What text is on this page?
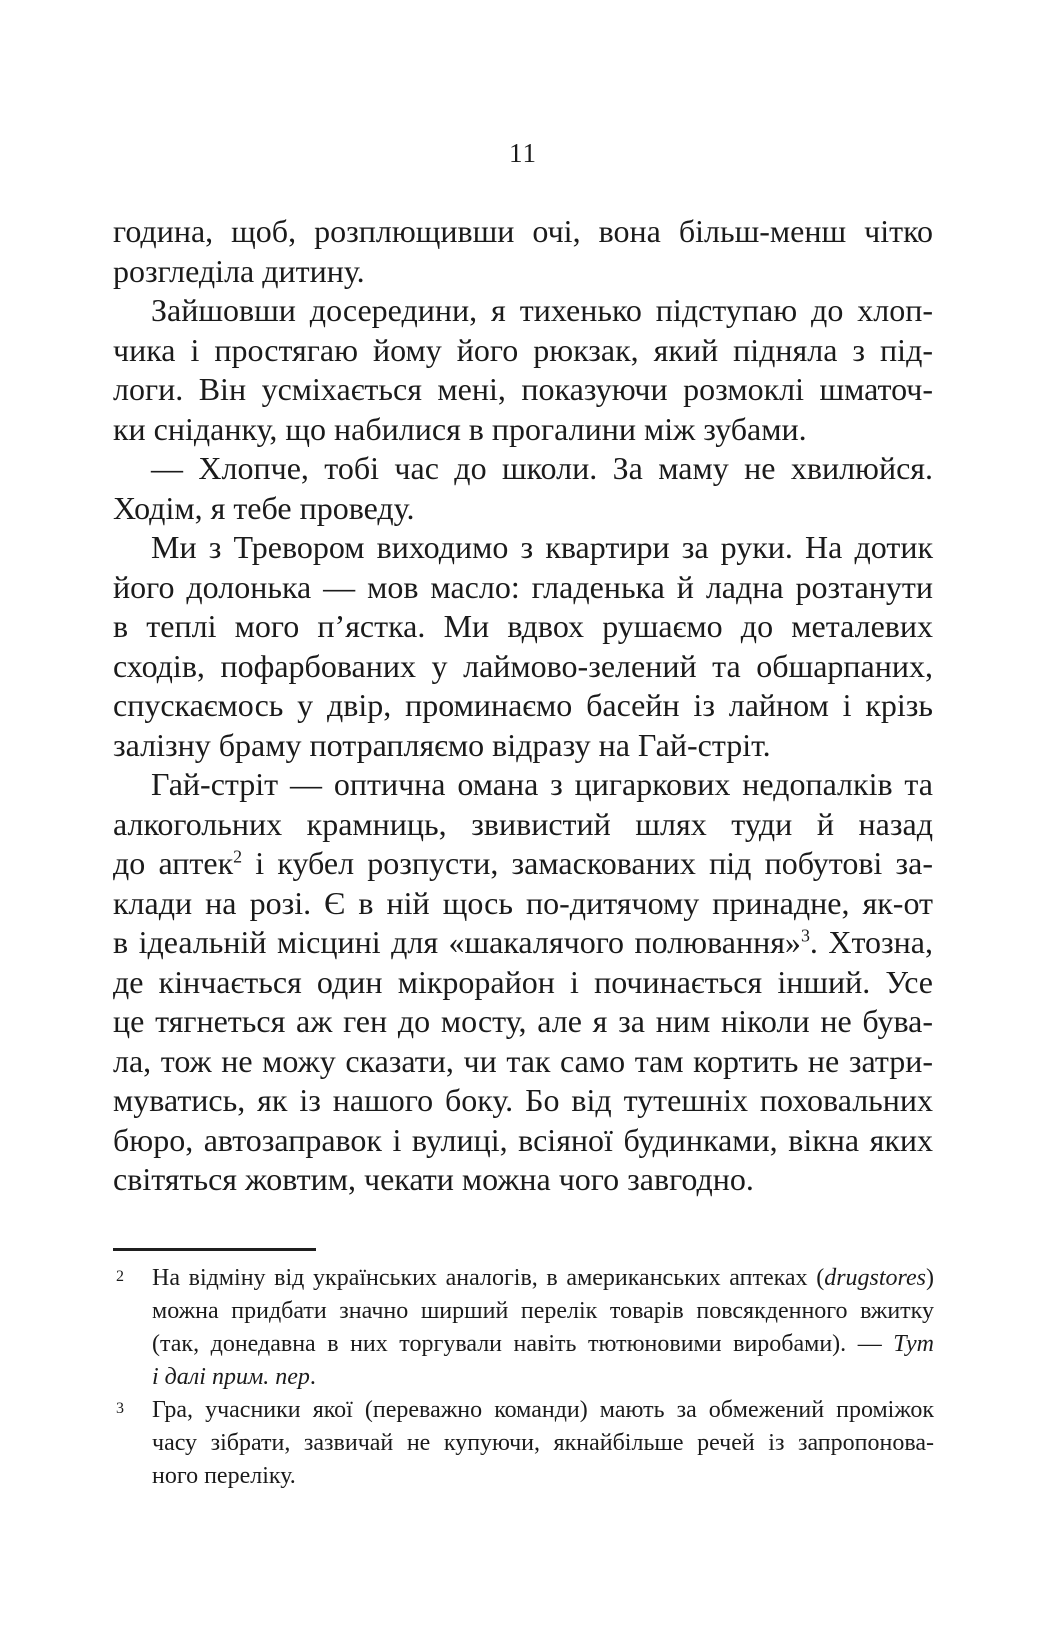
11
година, щоб, розплющивши очі, вона більш-менш чітко
розгледіла дитину.
Зайшовши досередини, я тихенько підступаю до хлоп-
чика і простягаю йому його рюкзак, який підняла з під-
логи. Він усміхається мені, показуючи розмоклі шматоч-
ки сніданку, що набилися в прогалини між зубами.
— Хлопче, тобі час до школи. За маму не хвилюйся.
Ходім, я тебе проведу.
Ми з Тревором виходимо з квартири за руки. На дотик
його долонька — мов масло: гладенька й ладна розтанути
в теплі мого п’ястка. Ми вдвох рушаємо до металевих
сходів, пофарбованих у лаймово-зелений та обшарпаних,
спускаємось у двір, проминаємо басейн із лайном і крізь
залізну браму потрапляємо відразу на Гай-стріт.
Гай-стріт — оптична омана з цигаркових недопалків та
алкогольних крамниць, звивистий шлях туди й назад
до аптек$^2$ і кубел розпусти, замаскованих під побутові за-
клади на розі. Є в ній щось по-дитячому принадне, як-от
в ідеальній місцині для «шакалячого полювання»$^3$. Хтозна,
де кінчається один мікрорайон і починається інший. Усе
це тягнеться аж ген до мосту, але я за ним ніколи не бува-
ла, тож не можу сказати, чи так само там кортить не затри-
муватись, як із нашого боку. Бо від тутешніх поховальних
бюро, автозаправок і вулиці, всіяної будинками, вікна яких
світяться жовтим, чекати можна чого завгодно.
2 На відміну від українських аналогів, в американських аптеках (drugstores)
можна придбати значно ширший перелік товарів повсякденного вжитку
(так, донедавна в них торгували навіть тютюновими виробами). — Тут
і далі прим. пер.
3 Гра, учасники якої (переважно команди) мають за обмежений проміжок
часу зібрати, зазвичай не купуючи, якнайбільше речей із запропонова-
ного переліку.
